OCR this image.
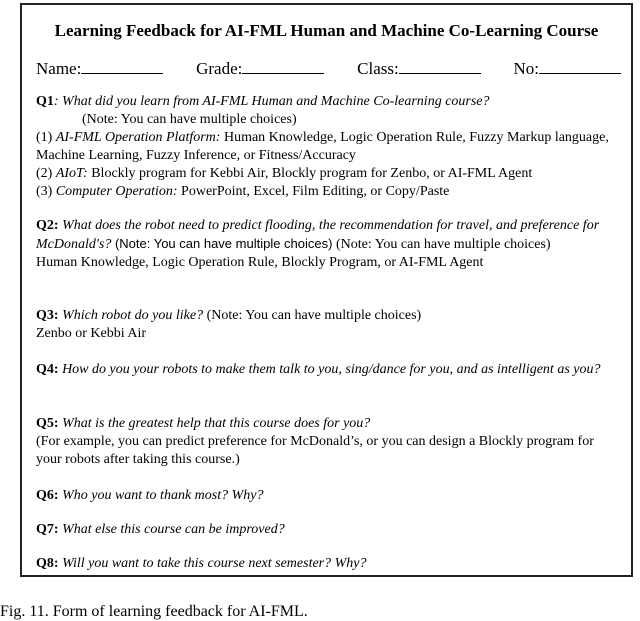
Learning Feedback for AI-FML Human and Machine Co-Learning Course
Name:	Grade:	Class:	No:
Q1: What did you learn from AI-FML Human and Machine Co-learning course?
(Note: You can have multiple choices)
(1) AI-FML Operation Platform: Human Knowledge, Logic Operation Rule, Fuzzy Markup language, Machine Learning, Fuzzy Inference, or Fitness/Accuracy
(2) AIoT: Blockly program for Kebbi Air, Blockly program for Zenbo, or AI-FML Agent
(3) Computer Operation: PowerPoint, Excel, Film Editing, or Copy/Paste
Q2: What does the robot need to predict flooding, the recommendation for travel, and preference for McDonald's? (Note: You can have multiple choices) (Note: You can have multiple choices)
Human Knowledge, Logic Operation Rule, Blockly Program, or AI-FML Agent
Q3: Which robot do you like? (Note: You can have multiple choices)
Zenbo or Kebbi Air
Q4: How do you your robots to make them talk to you, sing/dance for you, and as intelligent as you?
Q5: What is the greatest help that this course does for you?
(For example, you can predict preference for McDonald’s, or you can design a Blockly program for your robots after taking this course.)
Q6: Who you want to thank most? Why?
Q7: What else this course can be improved?
Q8: Will you want to take this course next semester? Why?
Fig. 11. Form of learning feedback for AI-FML.
